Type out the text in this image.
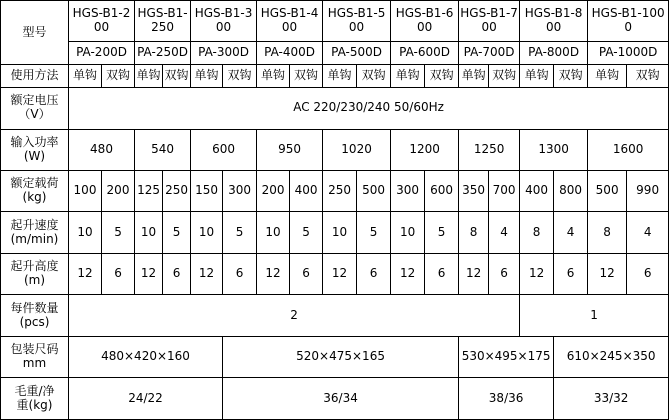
型号	HGS-B1-200		HGS-B1-250		HGS-B1-300		HGS-B1-400		HGS-B1-500		HGS-B1-600		HGS-B1-700		HGS-B1-800		HGS-B1-1000	
	PA-200D		PA-250D		PA-300D		PA-400D		PA-500D		PA-600D		PA-700D		PA-800D		PA-1000D	
使用方法	单钩	双钩	单钩	双钩	单钩	双钩	单钩	双钩	单钩	双钩	单钩	双钩	单钩	双钩	单钩	双钩	单钩	双钩

额定电压
（V）	AC 220/230/240 50/60Hz																	

输入功率
(W)	480		540		600		950		1020		1200		1250		1300		1600	

额定载荷
(kg)	100	200	125	250	150	300	200	400	250	500	300	600	350	700	400	800	500	990

起升速度
(m/min)	10	5	10	5	10	5	10	5	10	5	10	5	8	4	8	4	8	4

起升高度
(m)	12	6	12	6	12	6	12	6	12	6	12	6	12	6	12	6	12	6

每件数量
(pcs)	2														1			

包装尺码
mm	480×420×160					520×475×165							530×495×175			610×245×350		

毛重/净
重(kg)	24/22					36/34							38/36			33/32		
